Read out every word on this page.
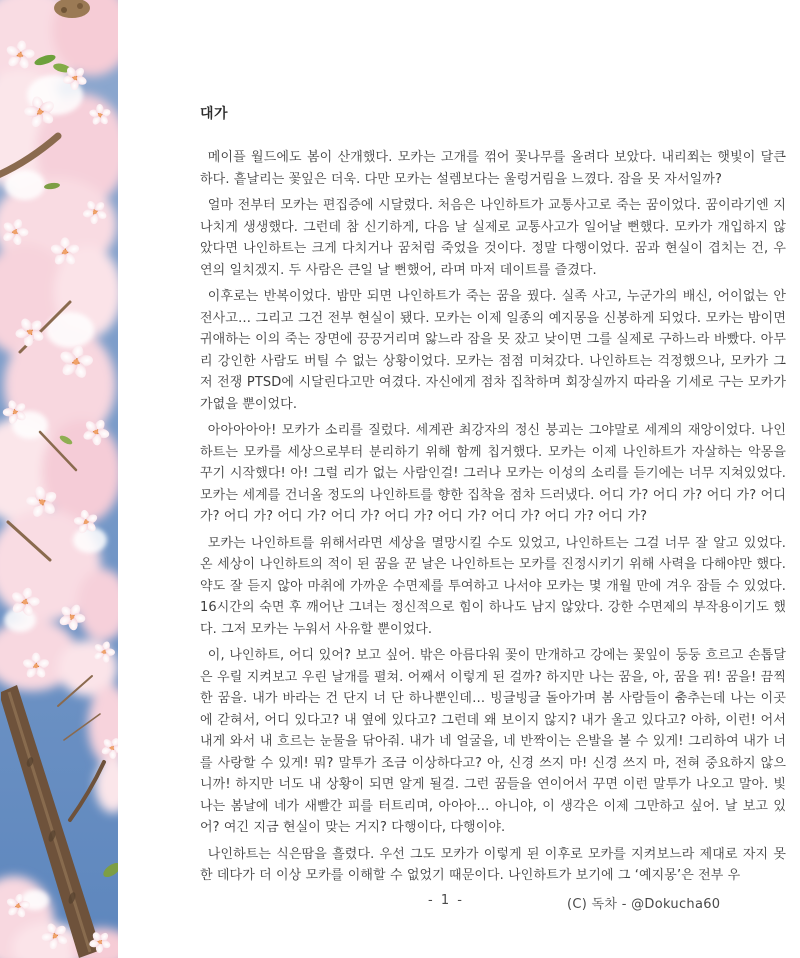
대가

메이플 월드에도 봄이 산개했다. 모카는 고개를 꺾어 꽃나무를 올려다 보았다. 내리쬐는 햇빛이 달큰하다. 흩날리는 꽃잎은 더욱. 다만 모카는 설렘보다는 울렁거림을 느꼈다. 잠을 못 자서일까?

얼마 전부터 모카는 편집증에 시달렸다. 처음은 나인하트가 교통사고로 죽는 꿈이었다. 꿈이라기엔 지나치게 생생했다. 그런데 참 신기하게, 다음 날 실제로 교통사고가 일어날 뻔했다. 모카가 개입하지 않았다면 나인하트는 크게 다치거나 꿈처럼 죽었을 것이다. 정말 다행이었다. 꿈과 현실이 겹치는 건, 우연의 일치겠지. 두 사람은 큰일 날 뻔했어, 라며 마저 데이트를 즐겼다.

이후로는 반복이었다. 밤만 되면 나인하트가 죽는 꿈을 꿨다. 실족 사고, 누군가의 배신, 어이없는 안전사고… 그리고 그건 전부 현실이 됐다. 모카는 이제 일종의 예지몽을 신봉하게 되었다. 모카는 밤이면 귀애하는 이의 죽는 장면에 끙끙거리며 앓느라 잠을 못 잤고 낮이면 그를 실제로 구하느라 바빴다. 아무리 강인한 사람도 버틸 수 없는 상황이었다. 모카는 점점 미쳐갔다. 나인하트는 걱정했으나, 모카가 그저 전쟁 PTSD에 시달린다고만 여겼다. 자신에게 점차 집착하며 회장실까지 따라올 기세로 구는 모카가 가엾을 뿐이었다.

아아아아아! 모카가 소리를 질렀다. 세계관 최강자의 정신 붕괴는 그야말로 세계의 재앙이었다. 나인하트는 모카를 세상으로부터 분리하기 위해 함께 칩거했다. 모카는 이제 나인하트가 자살하는 악몽을 꾸기 시작했다! 아! 그럴 리가 없는 사람인걸! 그러나 모카는 이성의 소리를 듣기에는 너무 지쳐있었다. 모카는 세계를 건너올 정도의 나인하트를 향한 집착을 점차 드러냈다. 어디 가? 어디 가? 어디 가? 어디 가? 어디 가? 어디 가? 어디 가? 어디 가? 어디 가? 어디 가? 어디 가? 어디 가?

모카는 나인하트를 위해서라면 세상을 멸망시킬 수도 있었고, 나인하트는 그걸 너무 잘 알고 있었다. 온 세상이 나인하트의 적이 된 꿈을 꾼 날은 나인하트는 모카를 진정시키기 위해 사력을 다해야만 했다. 약도 잘 듣지 않아 마취에 가까운 수면제를 투여하고 나서야 모카는 몇 개월 만에 겨우 잠들 수 있었다. 16시간의 숙면 후 깨어난 그녀는 정신적으로 힘이 하나도 남지 않았다. 강한 수면제의 부작용이기도 했다. 그저 모카는 누워서 사유할 뿐이었다.

이, 나인하트, 어디 있어? 보고 싶어. 밖은 아름다워 꽃이 만개하고 강에는 꽃잎이 둥둥 흐르고 손톱달은 우릴 지켜보고 우린 날개를 펼쳐. 어째서 이렇게 된 걸까? 하지만 나는 꿈을, 아, 꿈을 꿔! 꿈을! 끔찍한 꿈을. 내가 바라는 건 단지 너 단 하나뿐인데… 빙글빙글 돌아가며 봄 사람들이 춤추는데 나는 이곳에 갇혀서, 어디 있다고? 내 옆에 있다고? 그런데 왜 보이지 않지? 내가 울고 있다고? 아하, 이런! 어서 내게 와서 내 흐르는 눈물을 닦아줘. 내가 네 얼굴을, 네 반짝이는 은발을 볼 수 있게! 그리하여 내가 너를 사랑할 수 있게! 뭐? 말투가 조금 이상하다고? 아, 신경 쓰지 마! 신경 쓰지 마, 전혀 중요하지 않으니까! 하지만 너도 내 상황이 되면 알게 될걸. 그런 꿈들을 연이어서 꾸면 이런 말투가 나오고 말아. 빛나는 봄날에 네가 새빨간 피를 터트리며, 아아아… 아니야, 이 생각은 이제 그만하고 싶어. 날 보고 있어? 여긴 지금 현실이 맞는 거지? 다행이다, 다행이야.

나인하트는 식은땀을 흘렸다. 우선 그도 모카가 이렇게 된 이후로 모카를 지켜보느라 제대로 자지 못한 데다가 더 이상 모카를 이해할 수 없었기 때문이다. 나인하트가 보기에 그 ‘예지몽’은 전부 우

- 1 -	(C) 독차 - @Dokucha60
